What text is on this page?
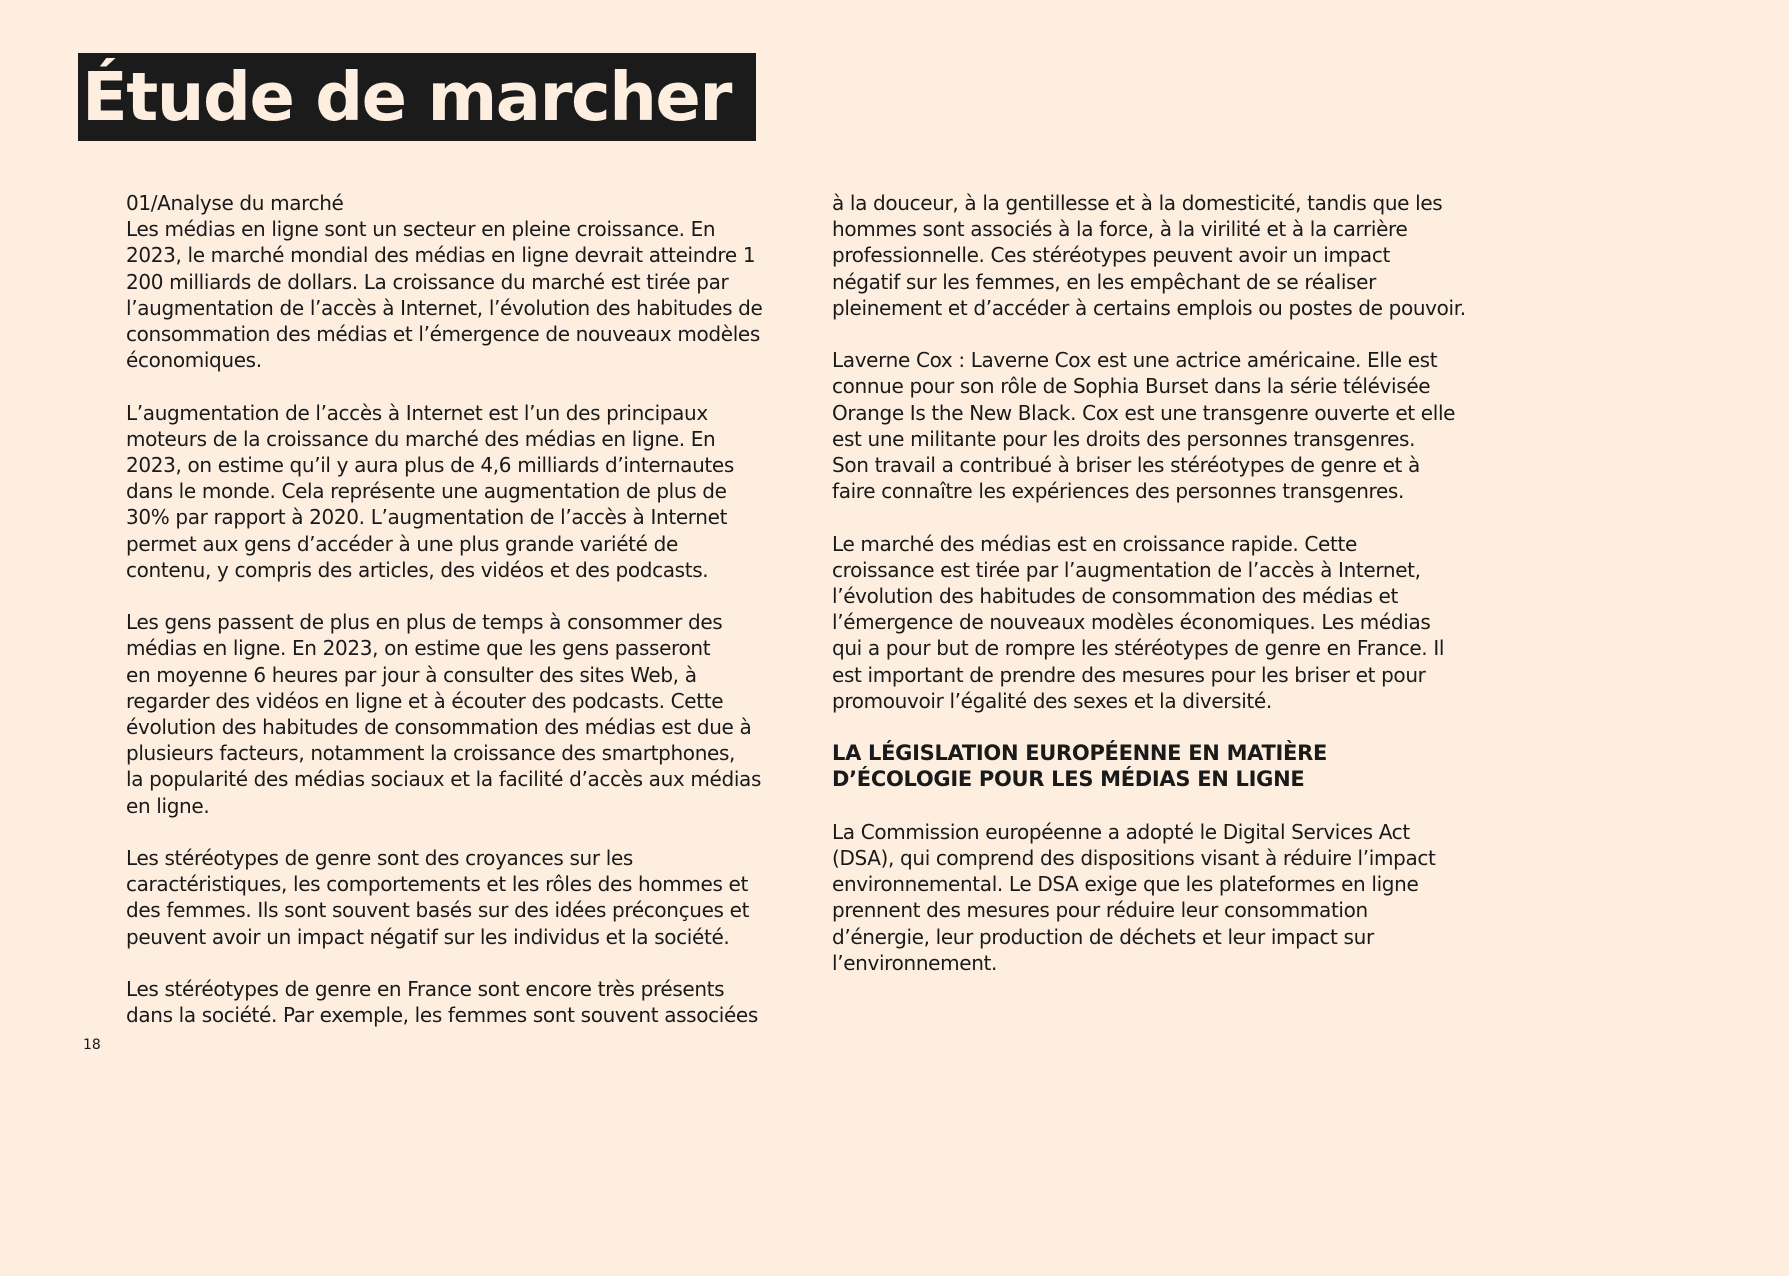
Étude de marcher
01/Analyse du marché

Les médias en ligne sont un secteur en pleine croissance. En
2023, le marché mondial des médias en ligne devrait atteindre 1
200 milliards de dollars. La croissance du marché est tirée par
l’augmentation de l’accès à Internet, l’évolution des habitudes de
consommation des médias et l’émergence de nouveaux modèles
économiques.

L’augmentation de l’accès à Internet est l’un des principaux
moteurs de la croissance du marché des médias en ligne. En
2023, on estime qu’il y aura plus de 4,6 milliards d’internautes
dans le monde. Cela représente une augmentation de plus de
30% par rapport à 2020. L’augmentation de l’accès à Internet
permet aux gens d’accéder à une plus grande variété de
contenu, y compris des articles, des vidéos et des podcasts.

Les gens passent de plus en plus de temps à consommer des
médias en ligne. En 2023, on estime que les gens passeront
en moyenne 6 heures par jour à consulter des sites Web, à
regarder des vidéos en ligne et à écouter des podcasts. Cette
évolution des habitudes de consommation des médias est due à
plusieurs facteurs, notamment la croissance des smartphones,
la popularité des médias sociaux et la facilité d’accès aux médias
en ligne.

Les stéréotypes de genre sont des croyances sur les
caractéristiques, les comportements et les rôles des hommes et
des femmes. Ils sont souvent basés sur des idées préconçues et
peuvent avoir un impact négatif sur les individus et la société.

Les stéréotypes de genre en France sont encore très présents
dans la société. Par exemple, les femmes sont souvent associées

à la douceur, à la gentillesse et à la domesticité, tandis que les
hommes sont associés à la force, à la virilité et à la carrière
professionnelle. Ces stéréotypes peuvent avoir un impact
négatif sur les femmes, en les empêchant de se réaliser
pleinement et d’accéder à certains emplois ou postes de pouvoir.

Laverne Cox : Laverne Cox est une actrice américaine. Elle est
connue pour son rôle de Sophia Burset dans la série télévisée
Orange Is the New Black. Cox est une transgenre ouverte et elle
est une militante pour les droits des personnes transgenres.
Son travail a contribué à briser les stéréotypes de genre et à
faire connaître les expériences des personnes transgenres.

Le marché des médias est en croissance rapide. Cette
croissance est tirée par l’augmentation de l’accès à Internet,
l’évolution des habitudes de consommation des médias et
l’émergence de nouveaux modèles économiques. Les médias
qui a pour but de rompre les stéréotypes de genre en France. Il
est important de prendre des mesures pour les briser et pour
promouvoir l’égalité des sexes et la diversité.

LA LÉGISLATION EUROPÉENNE EN MATIÈRE
D’ÉCOLOGIE POUR LES MÉDIAS EN LIGNE

La Commission européenne a adopté le Digital Services Act
(DSA), qui comprend des dispositions visant à réduire l’impact
environnemental. Le DSA exige que les plateformes en ligne
prennent des mesures pour réduire leur consommation
d’énergie, leur production de déchets et leur impact sur
l’environnement.

18
